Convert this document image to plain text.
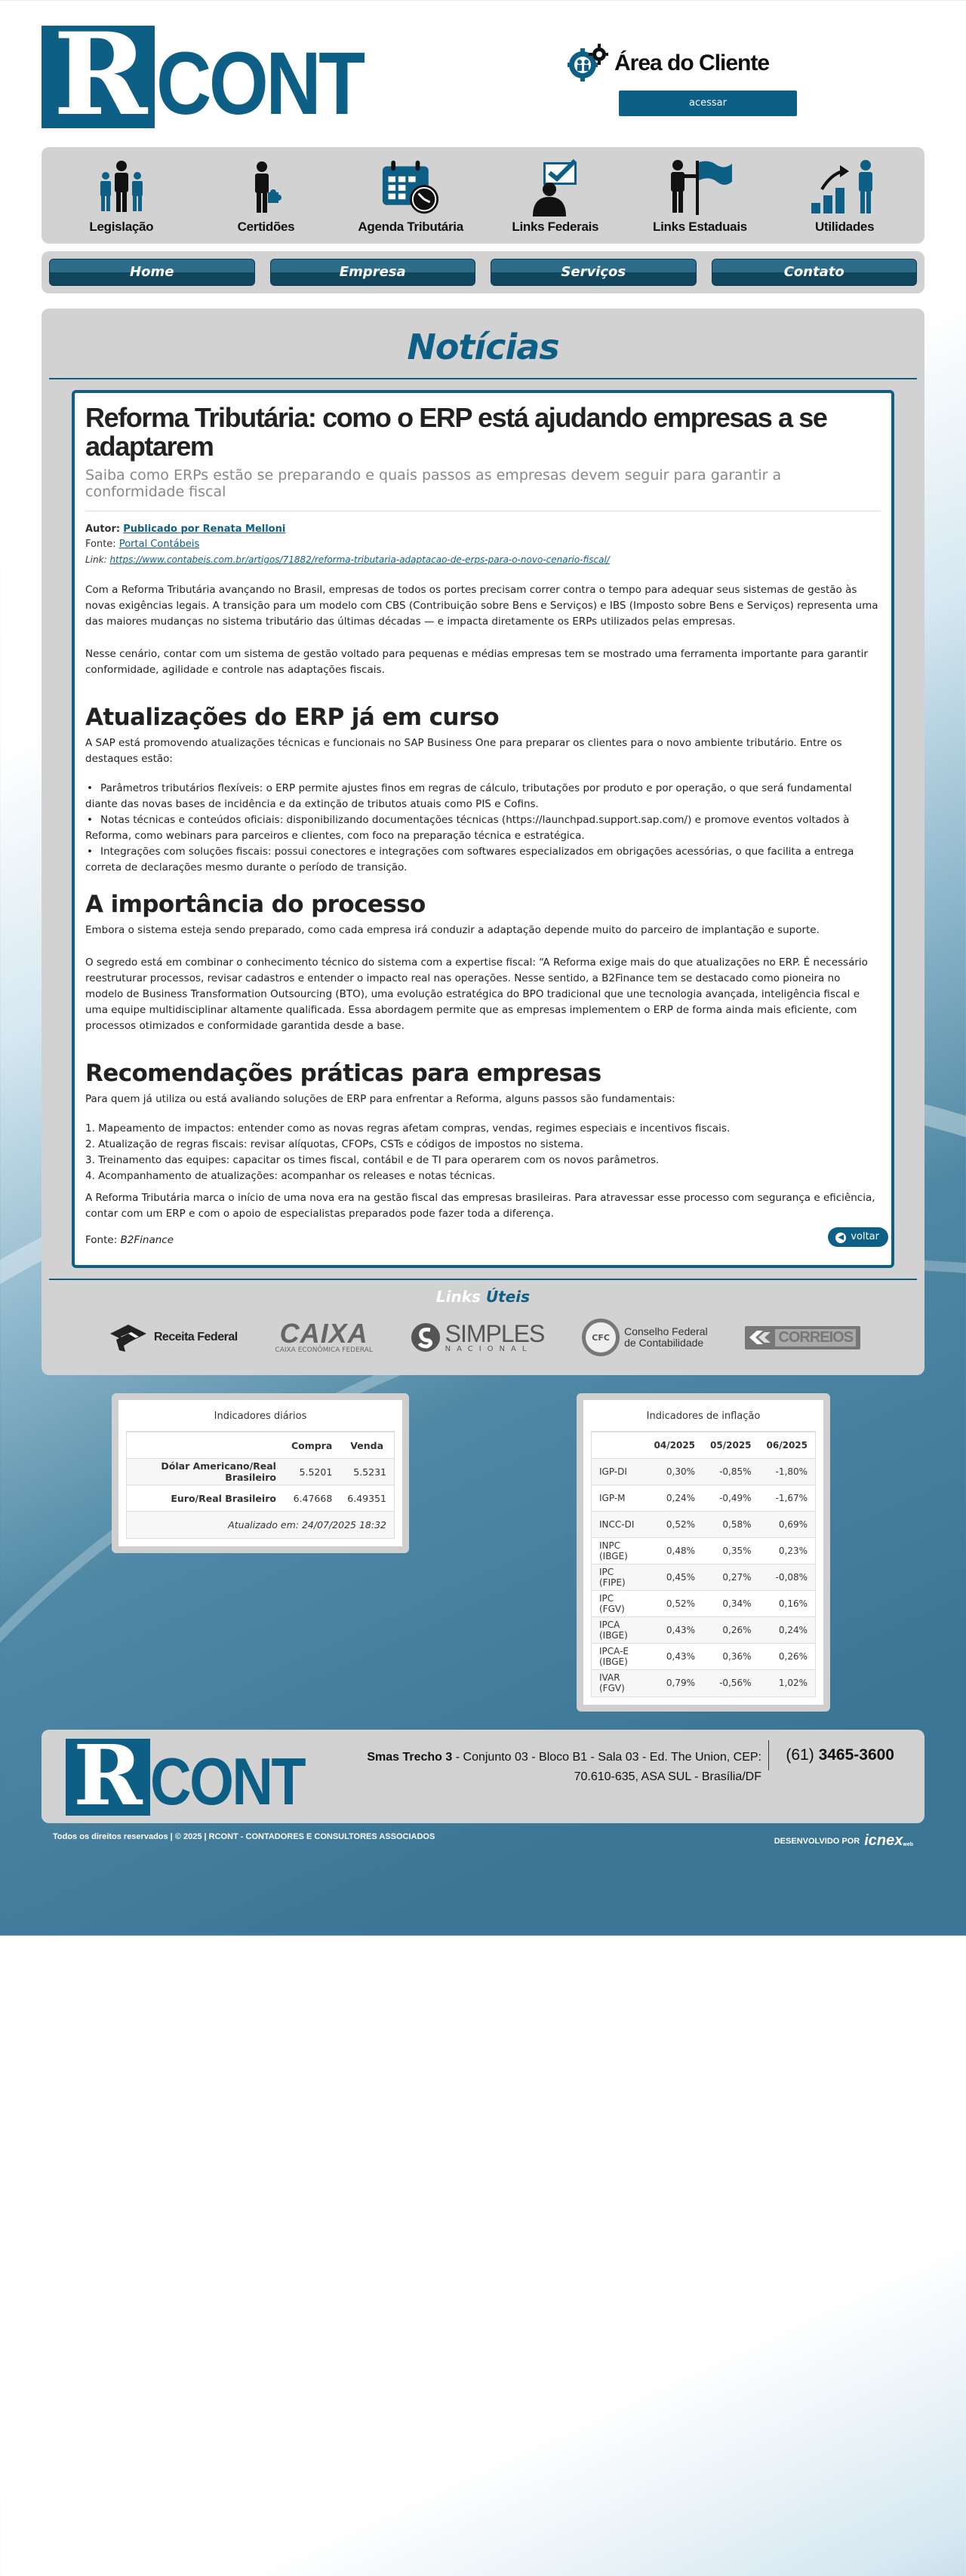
R CONT	Área do Cliente
acessar
Legislação	Certidões	Agenda Tributária	Links Federais	Links Estaduais	Utilidades
Home	Empresa	Serviços	Contato
Notícias
Reforma Tributária: como o ERP está ajudando empresas a se adaptarem
Saiba como ERPs estão se preparando e quais passos as empresas devem seguir para garantir a conformidade fiscal
Autor: Publicado por Renata Melloni
Fonte: Portal Contábeis
Link: https://www.contabeis.com.br/artigos/71882/reforma-tributaria-adaptacao-de-erps-para-o-novo-cenario-fiscal/
Com a Reforma Tributária avançando no Brasil, empresas de todos os portes precisam correr contra o tempo para adequar seus sistemas de gestão às novas exigências legais. A transição para um modelo com CBS (Contribuição sobre Bens e Serviços) e IBS (Imposto sobre Bens e Serviços) representa uma das maiores mudanças no sistema tributário das últimas décadas — e impacta diretamente os ERPs utilizados pelas empresas.
Nesse cenário, contar com um sistema de gestão voltado para pequenas e médias empresas tem se mostrado uma ferramenta importante para garantir conformidade, agilidade e controle nas adaptações fiscais.
Atualizações do ERP já em curso
A SAP está promovendo atualizações técnicas e funcionais no SAP Business One para preparar os clientes para o novo ambiente tributário. Entre os destaques estão:
• Parâmetros tributários flexíveis: o ERP permite ajustes finos em regras de cálculo, tributações por produto e por operação, o que será fundamental diante das novas bases de incidência e da extinção de tributos atuais como PIS e Cofins.
• Notas técnicas e conteúdos oficiais: disponibilizando documentações técnicas (https://launchpad.support.sap.com/) e promove eventos voltados à Reforma, como webinars para parceiros e clientes, com foco na preparação técnica e estratégica.
• Integrações com soluções fiscais: possui conectores e integrações com softwares especializados em obrigações acessórias, o que facilita a entrega correta de declarações mesmo durante o período de transição.
A importância do processo
Embora o sistema esteja sendo preparado, como cada empresa irá conduzir a adaptação depende muito do parceiro de implantação e suporte.
O segredo está em combinar o conhecimento técnico do sistema com a expertise fiscal: “A Reforma exige mais do que atualizações no ERP. É necessário reestruturar processos, revisar cadastros e entender o impacto real nas operações. Nesse sentido, a B2Finance tem se destacado como pioneira no modelo de Business Transformation Outsourcing (BTO), uma evolução estratégica do BPO tradicional que une tecnologia avançada, inteligência fiscal e uma equipe multidisciplinar altamente qualificada. Essa abordagem permite que as empresas implementem o ERP de forma ainda mais eficiente, com processos otimizados e conformidade garantida desde a base.
Recomendações práticas para empresas
Para quem já utiliza ou está avaliando soluções de ERP para enfrentar a Reforma, alguns passos são fundamentais:
1. Mapeamento de impactos: entender como as novas regras afetam compras, vendas, regimes especiais e incentivos fiscais.
2. Atualização de regras fiscais: revisar alíquotas, CFOPs, CSTs e códigos de impostos no sistema.
3. Treinamento das equipes: capacitar os times fiscal, contábil e de TI para operarem com os novos parâmetros.
4. Acompanhamento de atualizações: acompanhar os releases e notas técnicas.
A Reforma Tributária marca o início de uma nova era na gestão fiscal das empresas brasileiras. Para atravessar esse processo com segurança e eficiência, contar com um ERP e com o apoio de especialistas preparados pode fazer toda a diferença.
Fonte: B2Finance	◀ voltar
Links Úteis
Receita Federal CAIXA
CAIXA ECONÔMICA FEDERAL
SIMPLES
NACIONAL
CFC Conselho Federal
de Contabilidade	CORREIOS
Indicadores diários
	Compra	Venda
Dólar Americano/Real Brasileiro	5.5201	5.5231
Euro/Real Brasileiro	6.47668	6.49351
Atualizado em: 24/07/2025 18:32		
Indicadores de inflação
	04/2025	05/2025	06/2025
IGP-DI	0,30%	-0,85%	-1,80%
IGP-M	0,24%	-0,49%	-1,67%
INCC-DI	0,52%	0,58%	0,69%
INPC (IBGE)	0,48%	0,35%	0,23%
IPC (FIPE)	0,45%	0,27%	-0,08%
IPC (FGV)	0,52%	0,34%	0,16%
IPCA (IBGE)	0,43%	0,26%	0,24%
IPCA-E (IBGE)	0,43%	0,36%	0,26%
IVAR (FGV)	0,79%	-0,56%	1,02%
R CONT	Smas Trecho 3 - Conjunto 03 - Bloco B1 - Sala 03 - Ed. The Union, CEP: 70.610-635, ASA SUL - Brasília/DF
(61) 3465-3600
Todos os direitos reservados | © 2025 | RCONT - CONTADORES E CONSULTORES ASSOCIADOS	DESENVOLVIDO POR icnex web
